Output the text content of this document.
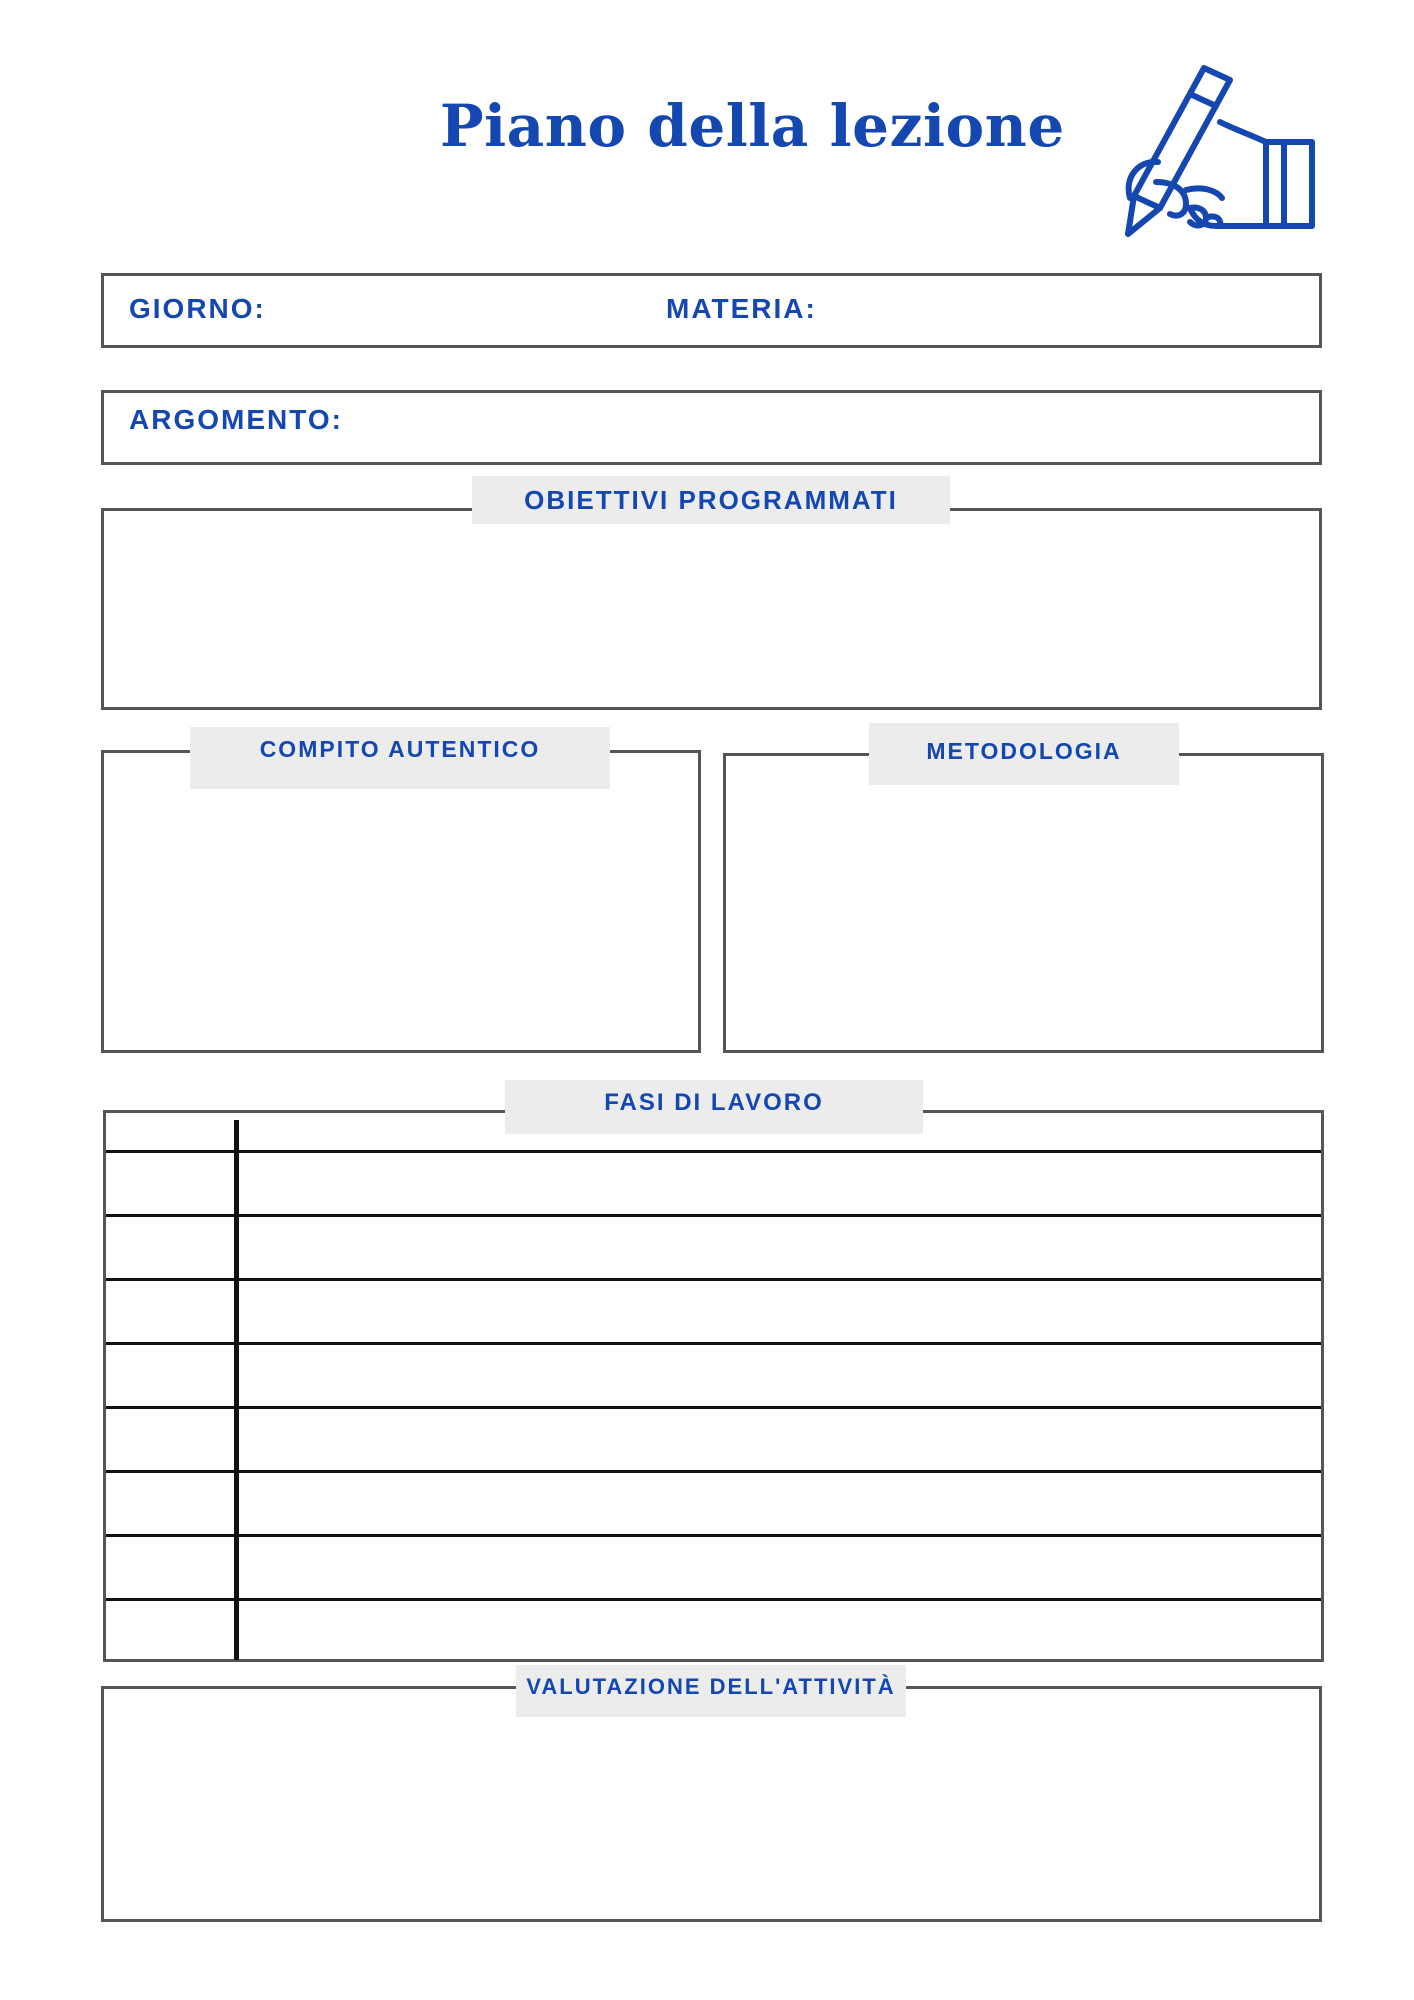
Piano della lezione
GIORNO:	MATERIA:
ARGOMENTO:
OBIETTIVI PROGRAMMATI
COMPITO AUTENTICO	METODOLOGIA
FASI DI LAVORO
VALUTAZIONE DELL'ATTIVITÀ
